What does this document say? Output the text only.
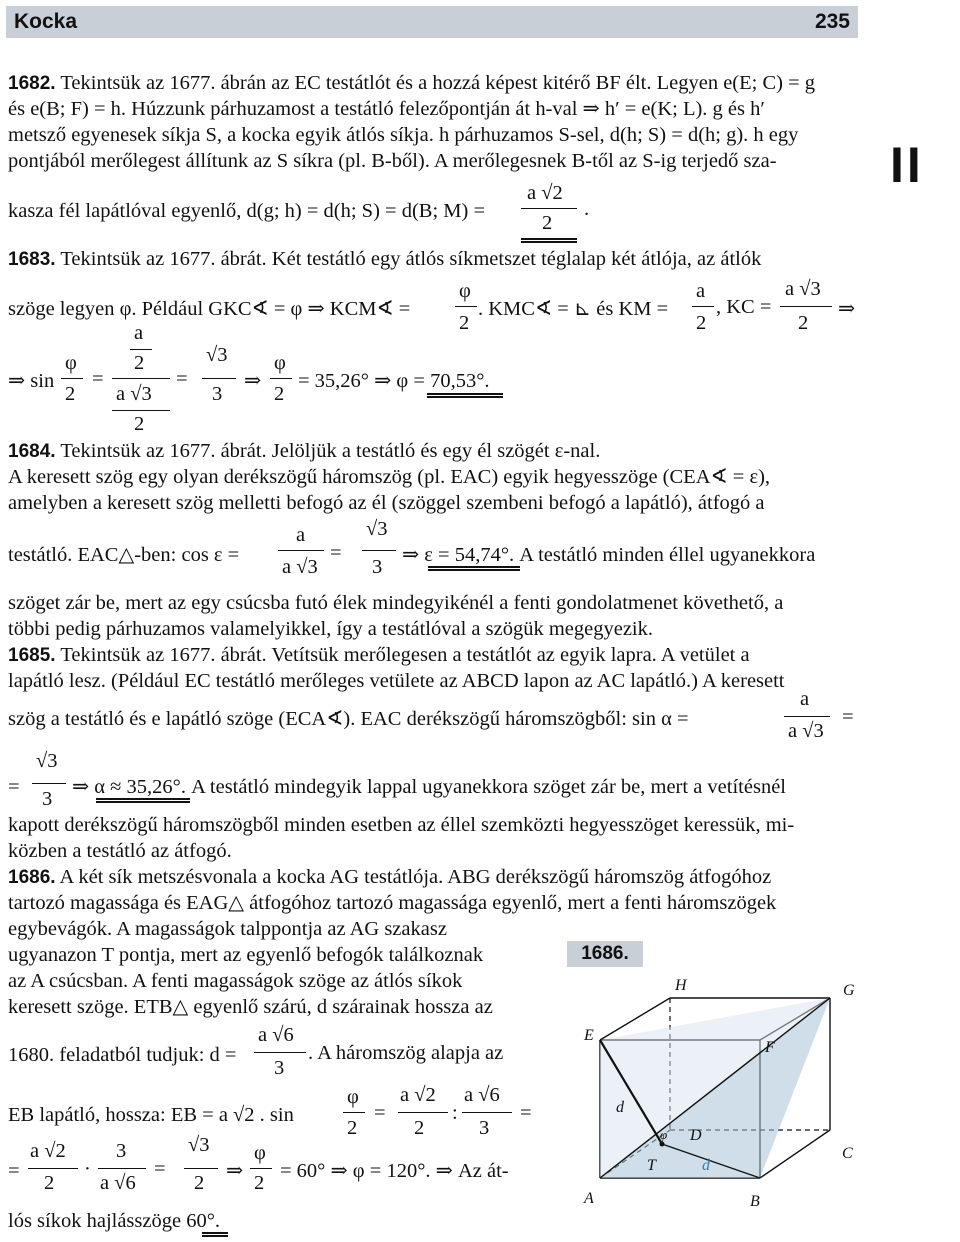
Kocka	235
II
1682. Tekintsük az 1677. ábrán az EC testátlót és a hozzá képest kitérő BF élt. Legyen e(E; C) = g
és e(B; F) = h. Húzzunk párhuzamost a testátló felezőpontján át h-val ⇒ h′ = e(K; L). g és h′
metsző egyenesek síkja S, a kocka egyik átlós síkja. h párhuzamos S-sel, d(h; S) = d(h; g). h egy
pontjából merőlegest állítunk az S síkra (pl. B-ből). A merőlegesnek B-től az S-ig terjedő sza-
kasza fél lapátlóval egyenlő, d(g; h) = d(h; S) = d(B; M) =
a √2
2
.
1683. Tekintsük az 1677. ábrát. Két testátló egy átlós síkmetszet téglalap két átlója, az átlók
szöge legyen φ. Például GKC∢ = φ ⇒ KCM∢ =
φ
2
. KMC∢ = ⊾ és KM =
a
2
, KC =
a √3
2
⇒
⇒ sin
φ
2
=
a
2
a √3
2
=
√3
3
⇒
φ
2
= 35,26° ⇒ φ = 70,53°.
1684. Tekintsük az 1677. ábrát. Jelöljük a testátló és egy él szögét ε-nal.
A keresett szög egy olyan derékszögű háromszög (pl. EAC) egyik hegyesszöge (CEA∢ = ε),
amelyben a keresett szög melletti befogó az él (szöggel szembeni befogó a lapátló), átfogó a
testátló. EAC△-ben: cos ε =
a
a √3
=
√3
3
⇒ ε = 54,74°. A testátló minden éllel ugyanekkora
szöget zár be, mert az egy csúcsba futó élek mindegyikénél a fenti gondolatmenet követhető, a
többi pedig párhuzamos valamelyikkel, így a testátlóval a szögük megegyezik.
1685. Tekintsük az 1677. ábrát. Vetítsük merőlegesen a testátlót az egyik lapra. A vetület a
lapátló lesz. (Például EC testátló merőleges vetülete az ABCD lapon az AC lapátló.) A keresett
szög a testátló és e lapátló szöge (ECA∢). EAC derékszögű háromszögből: sin α =
a
a √3
=
=
√3
3
⇒ α ≈ 35,26°. A testátló mindegyik lappal ugyanekkora szöget zár be, mert a vetítésnél
kapott derékszögű háromszögből minden esetben az éllel szemközti hegyesszöget keressük, mi-
közben a testátló az átfogó.
1686. A két sík metszésvonala a kocka AG testátlója. ABG derékszögű háromszög átfogóhoz
tartozó magassága és EAG△ átfogóhoz tartozó magassága egyenlő, mert a fenti háromszögek
egybevágók. A magasságok talppontja az AG szakasz
ugyanazon T pontja, mert az egyenlő befogók találkoznak
az A csúcsban. A fenti magasságok szöge az átlós síkok
keresett szöge. ETB△ egyenlő szárú, d szárainak hossza az
1680. feladatból tudjuk: d =
a √6
3
. A háromszög alapja az
EB lapátló, hossza: EB = a √2 . sin
φ
2
=
a √2
2
:
a √6
3
=
=
a √2
2
·
3
a √6
=
√3
2
⇒
φ
2
= 60° ⇒ φ = 120°. ⇒ Az át-
lós síkok hajlásszöge 60°.
1686.
A	B
C
D
E
F
G
H
T
d
d
φ
